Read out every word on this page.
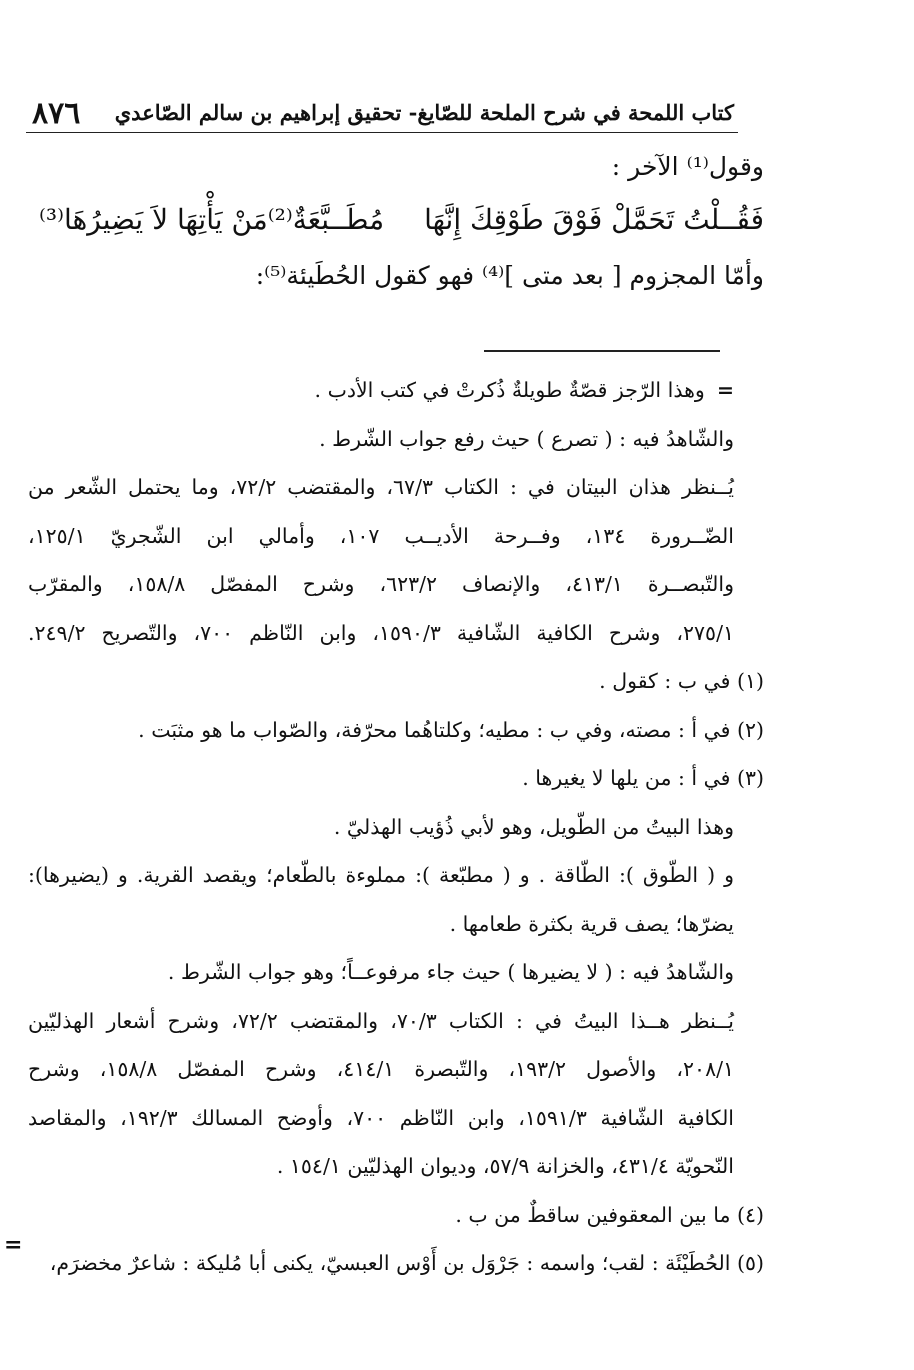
٨٧٦ كتاب اللمحة في شرح الملحة للصّايغ- تحقيق إبراهيم بن سالم الصّاعدي
وقول⁽¹⁾ الآخر :
فَقُــلْتُ تَحَمَّلْ فَوْقَ طَوْقِكَ إِنَّهَامُطَــبَّعَةٌ⁽²⁾مَنْ يَأْتِهَا لاَ يَضِيرُهَا⁽³⁾
وأمّا المجزوم [ بعد متى ]⁽⁴⁾ فهو كقول الحُطَيئة⁽⁵⁾:
=وهذا الرّجز قصّةٌ طويلةٌ ذُكرتْ في كتب الأدب .
والشّاهدُ فيه : ( تصرع ) حيث رفع جواب الشّرط .
يُــنظر هذان البيتان في : الكتاب ٦٧/٣، والمقتضب ٧٢/٢، وما يحتمل الشّعر من
الضّــرورة ١٣٤، وفــرحة الأديــب ١٠٧، وأمالي ابن الشّجريّ ١٢٥/١،
والتّبصــرة ٤١٣/١، والإنصاف ٦٢٣/٢، وشرح المفصّل ١٥٨/٨، والمقرّب
٢٧٥/١، وشرح الكافية الشّافية ١٥٩٠/٣، وابن النّاظم ٧٠٠، والتّصريح ٢٤٩/٢.
(١) في ب : كقول .
(٢) في أ : مصته، وفي ب : مطيه؛ وكلتاهُما محرّفة، والصّواب ما هو مثبَت .
(٣) في أ : من يلها لا يغيرها .
وهذا البيتُ من الطّويل، وهو لأبي ذُؤيب الهذليّ .
و ( الطّوق ): الطّاقة . و ( مطبّعة ): مملوءة بالطّعام؛ ويقصد القرية. و (يضيرها):
يضرّها؛ يصف قرية بكثرة طعامها .
والشّاهدُ فيه : ( لا يضيرها ) حيث جاء مرفوعــاً؛ وهو جواب الشّرط .
يُــنظر هــذا البيتُ في : الكتاب ٧٠/٣، والمقتضب ٧٢/٢، وشرح أشعار الهذليّين
٢٠٨/١، والأصول ١٩٣/٢، والتّبصرة ٤١٤/١، وشرح المفصّل ١٥٨/٨، وشرح
الكافية الشّافية ١٥٩١/٣، وابن النّاظم ٧٠٠، وأوضح المسالك ١٩٢/٣، والمقاصد
النّحويّة ٤٣١/٤، والخزانة ٥٧/٩، وديوان الهذليّين ١٥٤/١ .
(٤) ما بين المعقوفين ساقطٌ من ب .
(٥) الحُطَيْئَة : لقب؛ واسمه : جَرْوَل بن أَوْس العبسيّ، يكنى أبا مُليكة : شاعرٌ مخضرَم،
=
